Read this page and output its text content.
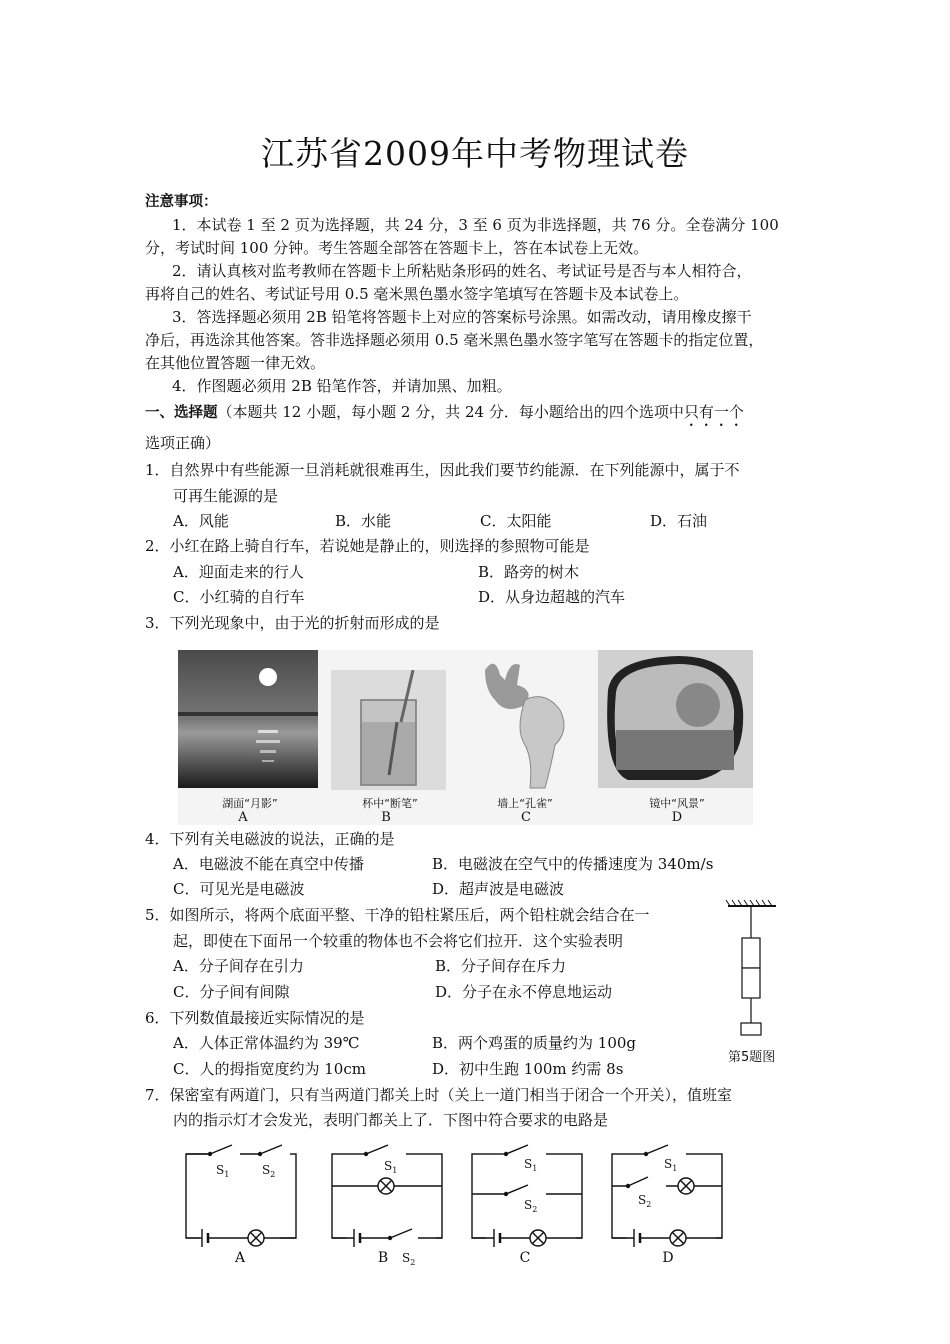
江苏省2009年中考物理试卷
注意事项：
1．本试卷 1 至 2 页为选择题，共 24 分，3 至 6 页为非选择题，共 76 分。全卷满分 100
分，考试时间 100 分钟。考生答题全部答在答题卡上，答在本试卷上无效。
2．请认真核对监考教师在答题卡上所粘贴条形码的姓名、考试证号是否与本人相符合，
再将自己的姓名、考试证号用 0.5 毫米黑色墨水签字笔填写在答题卡及本试卷上。
3．答选择题必须用 2B 铅笔将答题卡上对应的答案标号涂黑。如需改动，请用橡皮擦干
净后，再选涂其他答案。答非选择题必须用 0.5 毫米黑色墨水签字笔写在答题卡的指定位置，
在其他位置答题一律无效。
4．作图题必须用 2B 铅笔作答，并请加黑、加粗。
一、选择题（本题共 12 小题，每小题 2 分，共 24 分．每小题给出的四个选项中只有一个
选项正确）
1．自然界中有些能源一旦消耗就很难再生，因此我们要节约能源．在下列能源中，属于不
可再生能源的是
A．风能	B．水能	C．太阳能	D．石油
2．小红在路上骑自行车，若说她是静止的，则选择的参照物可能是
A．迎面走来的行人	B．路旁的树木
C．小红骑的自行车	D．从身边超越的汽车
3．下列光现象中，由于光的折射而形成的是
湖面“月影”	杯中“断笔”	墙上“孔雀”	镜中“风景”
A	B	C	D
4．下列有关电磁波的说法，正确的是
A．电磁波不能在真空中传播	B．电磁波在空气中的传播速度为 340m/s
C．可见光是电磁波	D．超声波是电磁波
5．如图所示，将两个底面平整、干净的铅柱紧压后，两个铅柱就会结合在一
起，即使在下面吊一个较重的物体也不会将它们拉开．这个实验表明
A．分子间存在引力	B．分子间存在斥力
C．分子间有间隙	D．分子在永不停息地运动
第5题图
6．下列数值最接近实际情况的是
A．人体正常体温约为 39℃	B．两个鸡蛋的质量约为 100g
C．人的拇指宽度约为 10cm	D．初中生跑 100m 约需 8s
7．保密室有两道门，只有当两道门都关上时（关上一道门相当于闭合一个开关），值班室
内的指示灯才会发光，表明门都关上了．下图中符合要求的电路是
$S_1$	$S_2$
$S_1$
$S_2$
$S_1$
$S_2$
$S_1$
$S_2$
A	B	C	D
